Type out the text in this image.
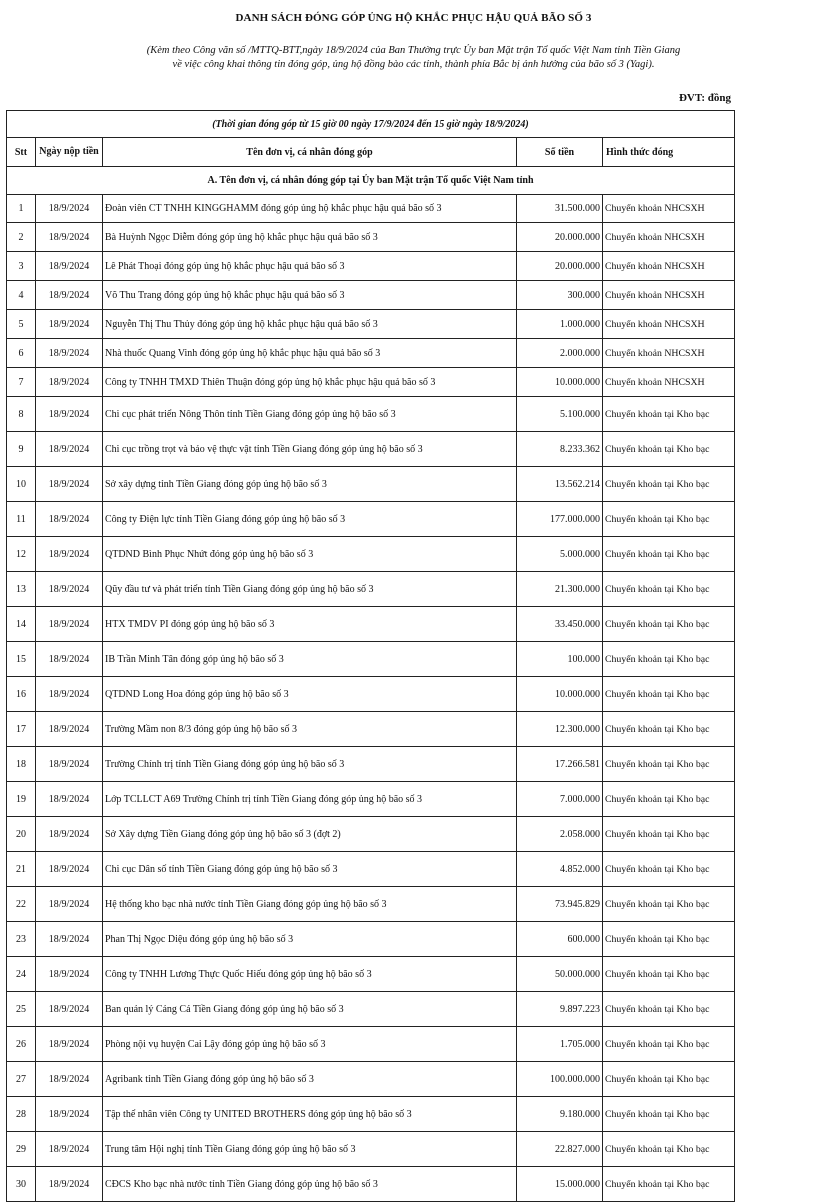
DANH SÁCH ĐÓNG GÓP ỦNG HỘ KHẮC PHỤC HẬU QUẢ BÃO SỐ 3
(Kèm theo Công văn số /MTTQ-BTT,ngày 18/9/2024 của Ban Thường trực Ủy ban Mặt trận Tổ quốc Việt Nam tỉnh Tiền Giang
về việc công khai thông tin đóng góp, ủng hộ đồng bào các tỉnh, thành phía Bắc bị ảnh hưởng của bão số 3 (Yagi).
ĐVT: đồng
(Thời gian đóng góp từ 15 giờ 00 ngày 17/9/2024 đến 15 giờ ngày 18/9/2024)				
Stt	Ngày nộp tiền	Tên đơn vị, cá nhân đóng góp	Số tiền	Hình thức đóng
A. Tên đơn vị, cá nhân đóng góp tại Ủy ban Mặt trận Tổ quốc Việt Nam tỉnh				
1	18/9/2024	Đoàn viên CT TNHH KINGGHAMM đóng góp ủng hộ khắc phục hậu quả bão số 3	31.500.000	Chuyển khoản NHCSXH
2	18/9/2024	Bà Huỳnh Ngọc Diễm đóng góp ủng hộ khắc phục hậu quả bão số 3	20.000.000	Chuyển khoản NHCSXH
3	18/9/2024	Lê Phát Thoại đóng góp ủng hộ khắc phục hậu quả bão số 3	20.000.000	Chuyển khoản NHCSXH
4	18/9/2024	Võ Thu Trang đóng góp ủng hộ khắc phục hậu quả bão số 3	300.000	Chuyển khoản NHCSXH
5	18/9/2024	Nguyễn Thị Thu Thủy đóng góp ủng hộ khắc phục hậu quả bão số 3	1.000.000	Chuyển khoản NHCSXH
6	18/9/2024	Nhà thuốc Quang Vinh đóng góp ủng hộ khắc phục hậu quả bão số 3	2.000.000	Chuyển khoản NHCSXH
7	18/9/2024	Công ty TNHH TMXD Thiên Thuận đóng góp ủng hộ khắc phục hậu quả bão số 3	10.000.000	Chuyển khoản NHCSXH
8	18/9/2024	Chi cục phát triển Nông Thôn tỉnh Tiền Giang đóng góp ủng hộ bão số 3	5.100.000	Chuyển khoản tại Kho bạc
9	18/9/2024	Chi cục trồng trọt và bảo vệ thực vật tỉnh Tiền Giang đóng góp ủng hộ bão số 3	8.233.362	Chuyển khoản tại Kho bạc
10	18/9/2024	Sở xây dựng tỉnh Tiền Giang đóng góp ủng hộ bão số 3	13.562.214	Chuyển khoản tại Kho bạc
11	18/9/2024	Công ty Điện lực tỉnh Tiền Giang đóng góp ủng hộ bão số 3	177.000.000	Chuyển khoản tại Kho bạc
12	18/9/2024	QTDND Bình Phục Nhứt đóng góp ủng hộ bão số 3	5.000.000	Chuyển khoản tại Kho bạc
13	18/9/2024	Qũy đầu tư và phát triển tỉnh Tiền Giang đóng góp ủng hộ bão số 3	21.300.000	Chuyển khoản tại Kho bạc
14	18/9/2024	HTX TMDV PI đóng góp ủng hộ bão số 3	33.450.000	Chuyển khoản tại Kho bạc
15	18/9/2024	IB Trần Minh Tân đóng góp ủng hộ bão số 3	100.000	Chuyển khoản tại Kho bạc
16	18/9/2024	QTDND Long Hoa đóng góp ủng hộ bão số 3	10.000.000	Chuyển khoản tại Kho bạc
17	18/9/2024	Trường Mầm non 8/3 đóng góp ủng hộ bão số 3	12.300.000	Chuyển khoản tại Kho bạc
18	18/9/2024	Trường Chính trị tỉnh Tiền Giang đóng góp ủng hộ bão số 3	17.266.581	Chuyển khoản tại Kho bạc
19	18/9/2024	Lớp TCLLCT A69 Trường Chính trị tỉnh Tiền Giang đóng góp ủng hộ bão số 3	7.000.000	Chuyển khoản tại Kho bạc
20	18/9/2024	Sở Xây dựng Tiền Giang đóng góp ủng hộ bão số 3 (đợt 2)	2.058.000	Chuyển khoản tại Kho bạc
21	18/9/2024	Chi cục Dân số tỉnh Tiền Giang đóng góp ủng hộ bão số 3	4.852.000	Chuyển khoản tại Kho bạc
22	18/9/2024	Hệ thống kho bạc nhà nước tỉnh Tiền Giang đóng góp ủng hộ bão số 3	73.945.829	Chuyển khoản tại Kho bạc
23	18/9/2024	Phan Thị Ngọc Diệu đóng góp ủng hộ bão số 3	600.000	Chuyển khoản tại Kho bạc
24	18/9/2024	Công ty TNHH Lương Thực Quốc Hiếu đóng góp ủng hộ bão số 3	50.000.000	Chuyển khoản tại Kho bạc
25	18/9/2024	Ban quản lý Cảng Cá Tiền Giang đóng góp ủng hộ bão số 3	9.897.223	Chuyển khoản tại Kho bạc
26	18/9/2024	Phòng nội vụ huyện Cai Lậy đóng góp ủng hộ bão số 3	1.705.000	Chuyển khoản tại Kho bạc
27	18/9/2024	Agribank tỉnh Tiền Giang đóng góp ủng hộ bão số 3	100.000.000	Chuyển khoản tại Kho bạc
28	18/9/2024	Tập thể nhân viên Công ty UNITED BROTHERS đóng góp ủng hộ bão số 3	9.180.000	Chuyển khoản tại Kho bạc
29	18/9/2024	Trung tâm Hội nghị tỉnh Tiền Giang đóng góp ủng hộ bão số 3	22.827.000	Chuyển khoản tại Kho bạc
30	18/9/2024	CĐCS Kho bạc nhà nước tỉnh Tiền Giang đóng góp ủng hộ bão số 3	15.000.000	Chuyển khoản tại Kho bạc
